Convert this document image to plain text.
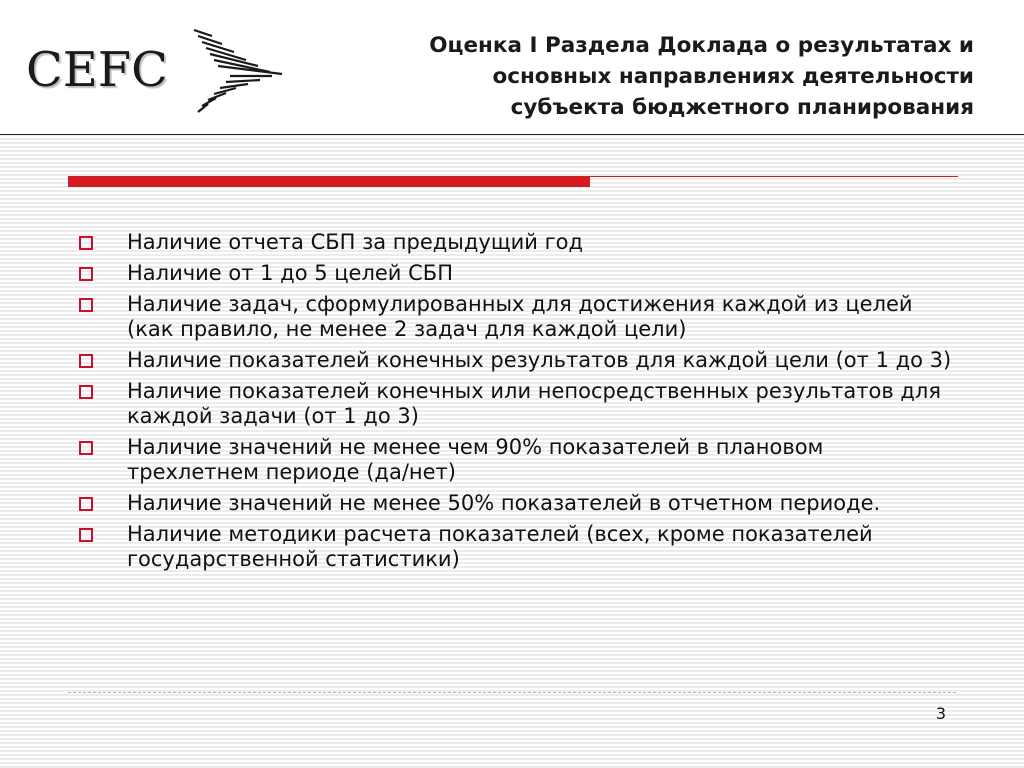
CEFC	Оценка I Раздела Доклада о результатах и
основных направлениях деятельности
субъекта бюджетного планирования
Наличие отчета СБП за предыдущий год
Наличие от 1 до 5 целей СБП
Наличие задач, сформулированных для достижения каждой из целей (как правило, не менее 2 задач для каждой цели)
Наличие показателей конечных результатов для каждой цели (от 1 до 3)
Наличие показателей конечных или непосредственных результатов для каждой задачи (от 1 до 3)
Наличие значений не менее чем 90% показателей в плановом трехлетнем периоде (да/нет)
Наличие значений не менее 50% показателей в отчетном периоде.
Наличие методики расчета показателей (всех, кроме показателей государственной статистики)
3
